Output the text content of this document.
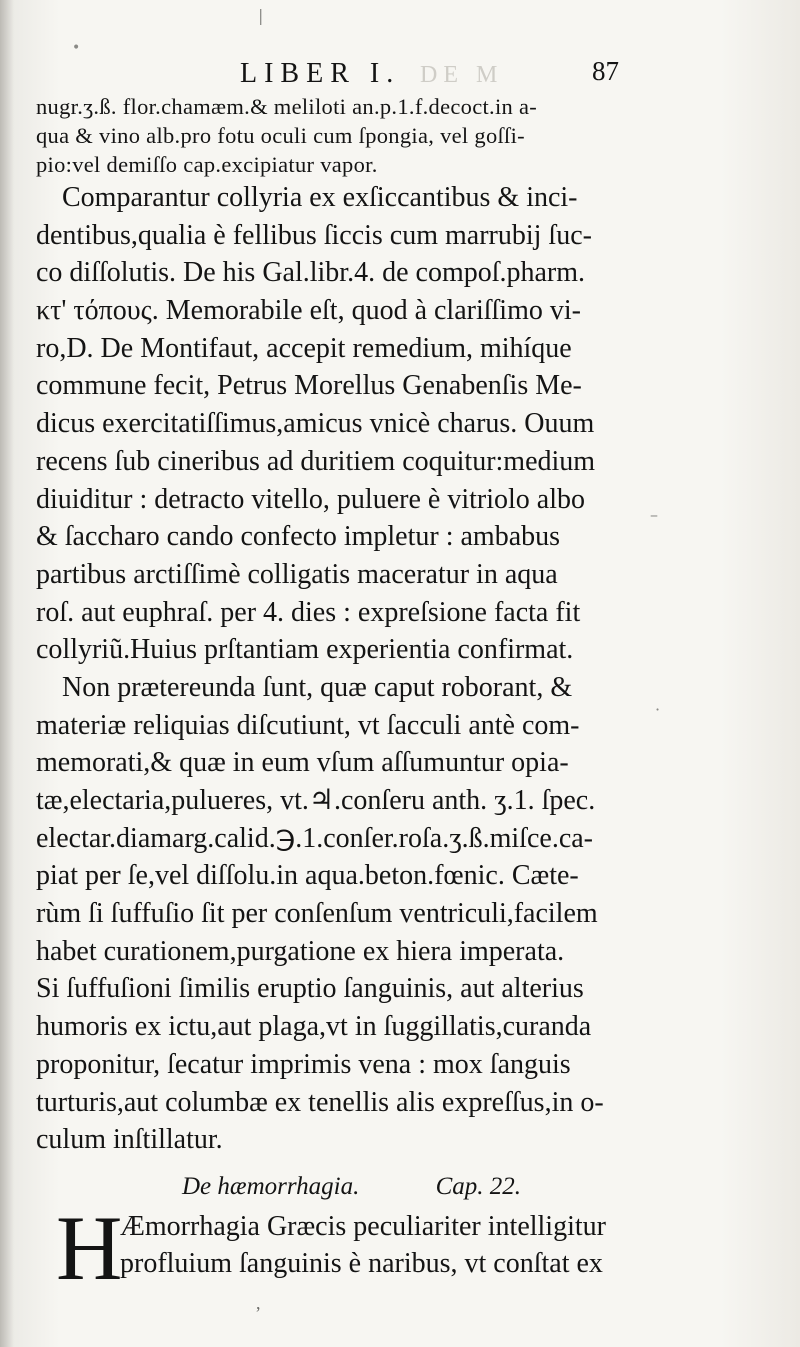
•
|
–
·
DE M
LIBER I.	87
nugr.ʒ.ß. flor.chamæm.& meliloti an.p.1.f.decoct.in a-
qua & vino alb.pro fotu oculi cum ſpongia, vel goſſi-
pio:vel demiſſo cap.excipiatur vapor.
Comparantur collyria ex exſiccantibus & inci-
dentibus,qualia è fellibus ſiccis cum marrubij ſuc-
co diſſolutis. De his Gal.libr.4. de compoſ.pharm.
κτ' τόπους. Memorabile eſt, quod à clariſſimo vi-
ro,D. De Montifaut, accepit remedium, mihíque
commune fecit, Petrus Morellus Genabenſis Me-
dicus exercitatiſſimus,amicus vnicè charus. Ouum
recens ſub cineribus ad duritiem coquitur:medium
diuiditur : detracto vitello, puluere è vitriolo albo
& ſaccharo cando confecto impletur : ambabus
partibus arctiſſimè colligatis maceratur in aqua
roſ. aut euphraſ. per 4. dies : expreſsione facta fit
collyriũ.Huius prſtantiam experientia confirmat.
Non prætereunda ſunt, quæ caput roborant, &
materiæ reliquias diſcutiunt, vt ſacculi antè com-
memorati,& quæ in eum vſum aſſumuntur opia-
tæ,electaria,pulueres, vt.♃.conſeru anth. ʒ.1. ſpec.
electar.diamarg.calid.℈.1.conſer.roſa.ʒ.ß.miſce.ca-
piat per ſe,vel diſſolu.in aqua.beton.fœnic. Cæte-
rùm ſi ſuffuſio ſit per conſenſum ventriculi,facilem
habet curationem,purgatione ex hiera imperata.
Si ſuffuſioni ſimilis eruptio ſanguinis, aut alterius
humoris ex ictu,aut plaga,vt in ſuggillatis,curanda
proponitur, ſecatur imprimis vena : mox ſanguis
turturis,aut columbæ ex tenellis alis expreſſus,in o-
culum inſtillatur.
De hæmorrhagia.	Cap. 22.
H
Æmorrhagia Græcis peculiariter intelligitur
profluium ſanguinis è naribus, vt conſtat ex
,
